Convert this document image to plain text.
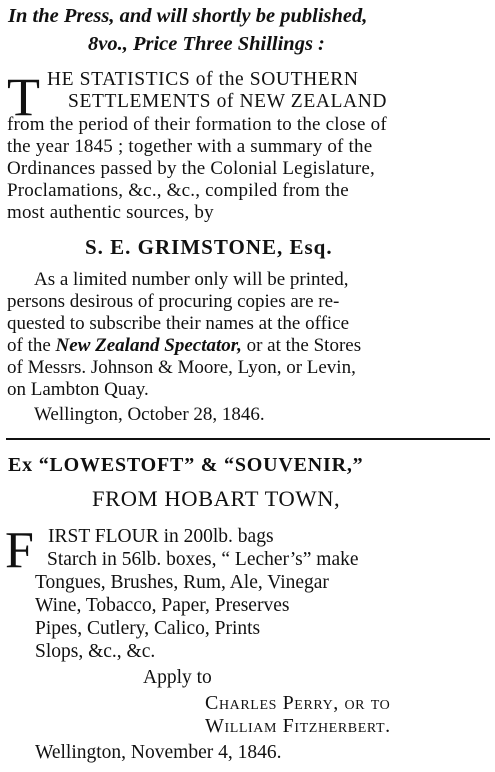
In the Press, and will shortly be published,
8vo., Price Three Shillings :
T HE STATISTICS of the SOUTHERN
SETTLEMENTS of NEW ZEALAND
from the period of their formation to the close of
the year 1845 ; together with a summary of the
Ordinances passed by the Colonial Legislature,
Proclamations, &c., &c., compiled from the
most authentic sources, by
S. E. GRIMSTONE, Esq.
As a limited number only will be printed,
persons desirous of procuring copies are re-
quested to subscribe their names at the office
of the New Zealand Spectator, or at the Stores
of Messrs. Johnson & Moore, Lyon, or Levin,
on Lambton Quay.
Wellington, October 28, 1846.
Ex “LOWESTOFT” & “SOUVENIR,”
FROM HOBART TOWN,
F IRST FLOUR in 200lb. bags
Starch in 56lb. boxes, “ Lecher’s” make
Tongues, Brushes, Rum, Ale, Vinegar
Wine, Tobacco, Paper, Preserves
Pipes, Cutlery, Calico, Prints
Slops, &c., &c.
Apply to
Charles Perry, or to
William Fitzherbert.
Wellington, November 4, 1846.
